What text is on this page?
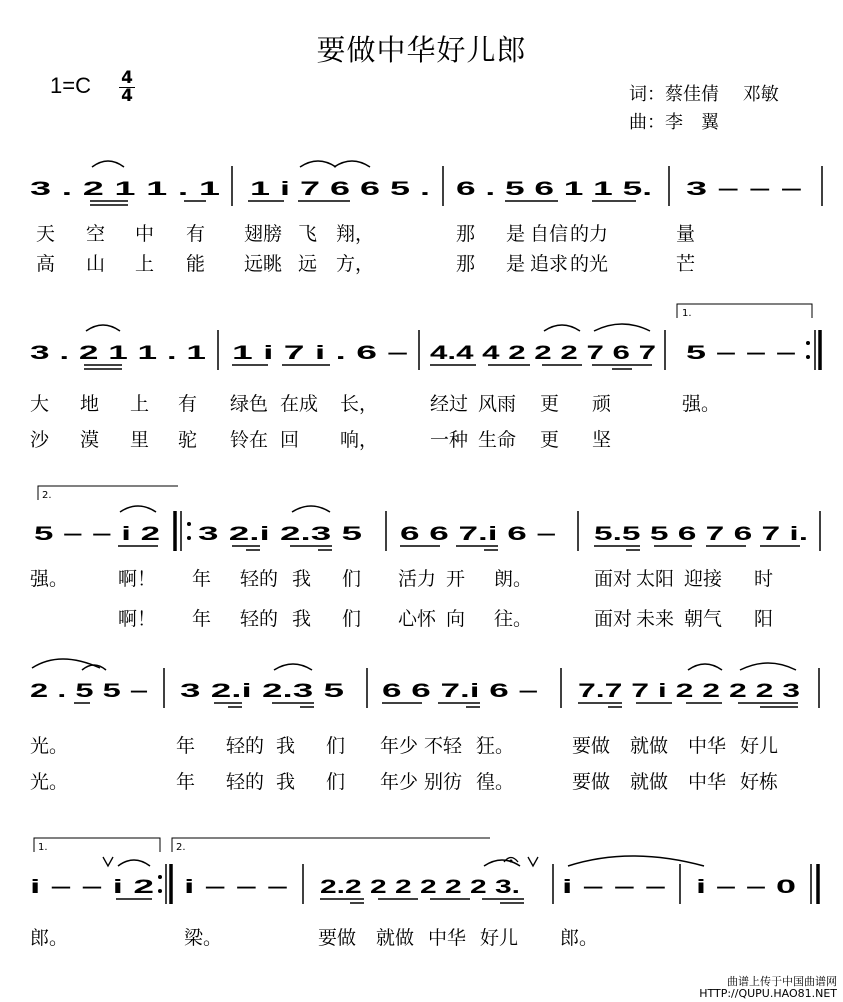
要做中华好儿郎
1=C 4
4	词：蔡佳倩　 邓敏
曲：李　翼
3 . 2 1 1 . 1 1 i 7 6 6 5 . 6 . 5 6 1 1 5. 3 – – –
天 空 中 有 翅膀 飞 翔，	那 是 自信 的力	量
高 山 上 能 远眺 远 方，	那 是 追求 的光	芒
1.
3 . 2 1 1 . 1 1 i 7 i . 6 – 4.4 4 2 2 2 7 6 7 5 – – –
大 地 上 有 绿色 在成 长，	经过 风雨 更 顽	强。
沙 漠 里 驼 铃在 回 响，	一种 生命 更 坚
2.
5 – – i 2 3 2.i 2.3 5 6 6 7.i 6 – 5.5 5 6 7 6 7 i.
强。	啊！ 年 轻的 我 们 活力 开 朗。	面对 太阳 迎接 时
啊！ 年 轻的 我 们 心怀 向 往。	面对 未来 朝气 阳
2 . 5 5 – 3 2.i 2.3 5 6 6 7.i 6 – 7.7 7 i 2 2 2 2 3
光。	年 轻的 我 们 年少 不轻 狂。	要做 就做 中华 好儿
光。	年 轻的 我 们 年少 别彷 徨。	要做 就做 中华 好栋
1.	2.
i – – i 2 i – – – 2.2 2 2 2 2 2 3. i – – – i – – 0
郎。	梁。	要做 就做 中华 好儿 郎。
曲谱上传于中国曲谱网
HTTP://QUPU.HAO81.NET
